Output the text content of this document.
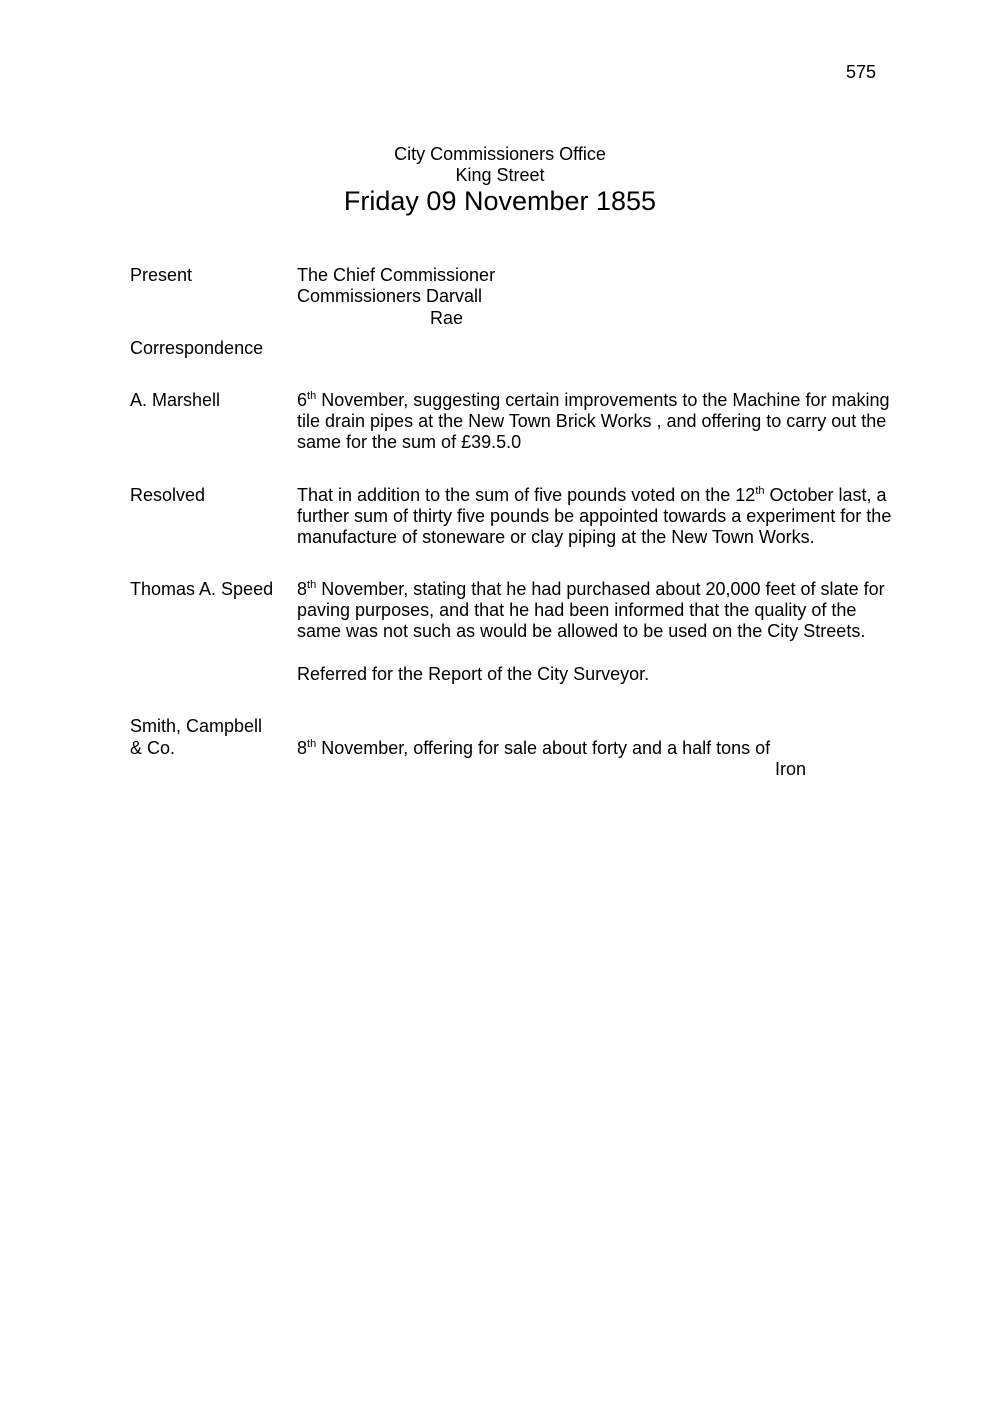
575
City Commissioners Office
King Street
Friday 09 November 1855
Present	The Chief Commissioner
Commissioners Darvall
Rae
Correspondence
A. Marshell	6th November, suggesting certain improvements to the Machine for making
tile drain pipes at the New Town Brick Works , and offering to carry out the
same for the sum of £39.5.0
Resolved	That in addition to the sum of five pounds voted on the 12th October last, a
further sum of thirty five pounds be appointed towards a experiment for the
manufacture of stoneware or clay piping at the New Town Works.
Thomas A. Speed 8th November, stating that he had purchased about 20,000 feet of slate for
paving purposes, and that he had been informed that the quality of the
same was not such as would be allowed to be used on the City Streets.
Referred for the Report of the City Surveyor.
Smith, Campbell
& Co.	8th November, offering for sale about forty and a half tons of
Iron
